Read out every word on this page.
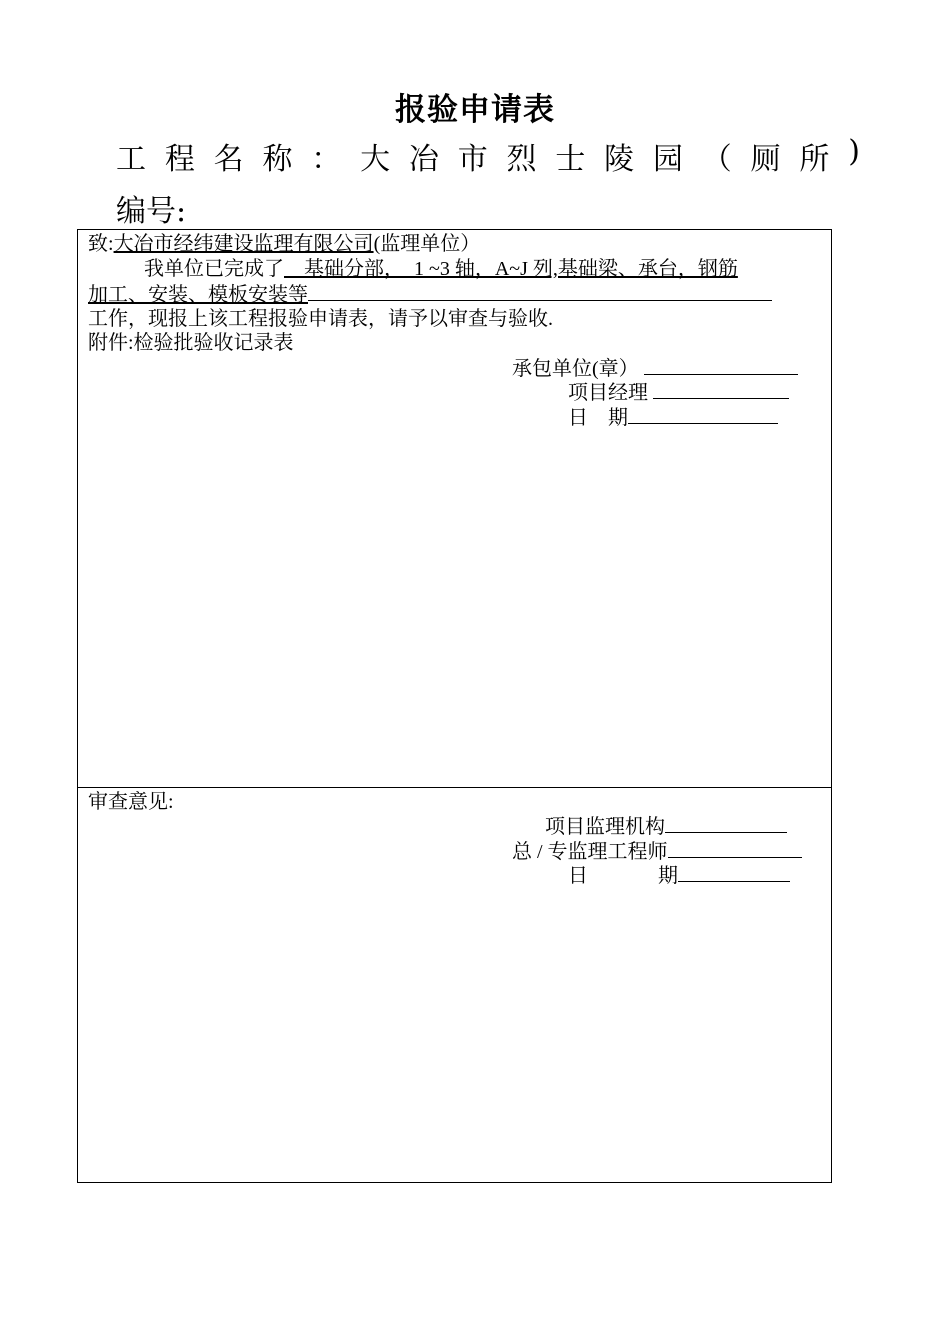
报验申请表
工 程 名 称 ： 大 冶 市 烈 士 陵 园 （ 厕 所 )
编号:
致:大冶市经纬建设监理有限公司(监理单位）
我单位已完成了    基础分部，  1 ~3 轴，A~J 列,基础梁、承台，钢筋
加工、安装、模板安装等
工作，现报上该工程报验申请表，请予以审查与验收.
附件:检验批验收记录表
承包单位(章）
项目经理
日    期
审查意见:
项目监理机构
总 / 专监理工程师
日              期
